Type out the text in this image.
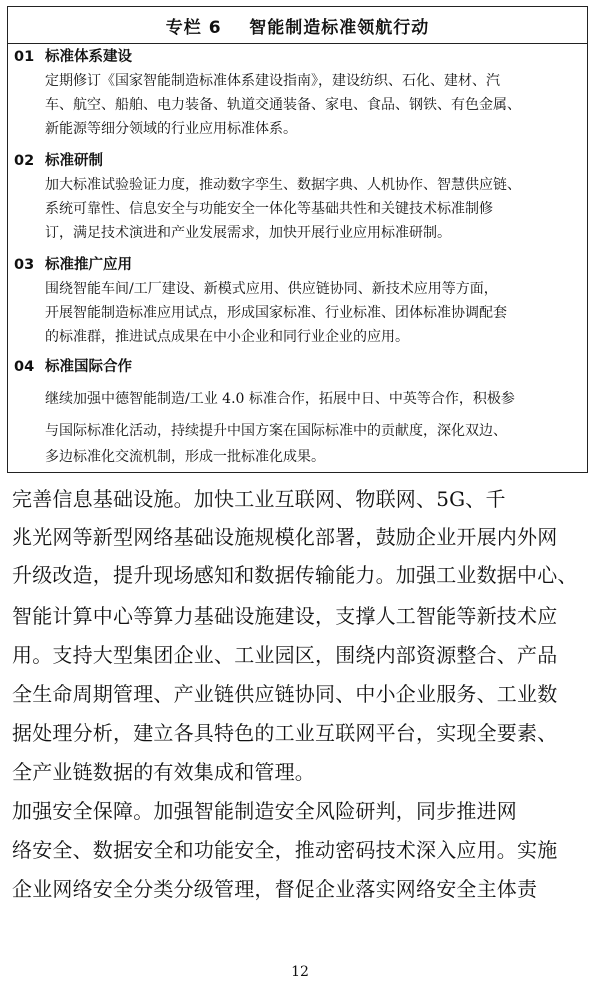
专栏 6    智能制造标准领航行动
01 标准体系建设
定期修订《国家智能制造标准体系建设指南》，建设纺织、石化、建材、汽
车、航空、船舶、电力装备、轨道交通装备、家电、食品、钢铁、有色金属、
新能源等细分领域的行业应用标准体系。
02 标准研制
加大标准试验验证力度，推动数字孪生、数据字典、人机协作、智慧供应链、
系统可靠性、信息安全与功能安全一体化等基础共性和关键技术标准制修
订，满足技术演进和产业发展需求，加快开展行业应用标准研制。
03 标准推广应用
围绕智能车间/工厂建设、新模式应用、供应链协同、新技术应用等方面，
开展智能制造标准应用试点，形成国家标准、行业标准、团体标准协调配套
的标准群，推进试点成果在中小企业和同行业企业的应用。
04 标准国际合作
继续加强中德智能制造/工业 4.0 标准合作，拓展中日、中英等合作，积极参
与国际标准化活动，持续提升中国方案在国际标准中的贡献度，深化双边、
多边标准化交流机制，形成一批标准化成果。
完善信息基础设施。加快工业互联网、物联网、5G、千
兆光网等新型网络基础设施规模化部署，鼓励企业开展内外网
升级改造，提升现场感知和数据传输能力。加强工业数据中心、
智能计算中心等算力基础设施建设，支撑人工智能等新技术应
用。支持大型集团企业、工业园区，围绕内部资源整合、产品
全生命周期管理、产业链供应链协同、中小企业服务、工业数
据处理分析，建立各具特色的工业互联网平台，实现全要素、
全产业链数据的有效集成和管理。
加强安全保障。加强智能制造安全风险研判，同步推进网
络安全、数据安全和功能安全，推动密码技术深入应用。实施
企业网络安全分类分级管理，督促企业落实网络安全主体责
12
